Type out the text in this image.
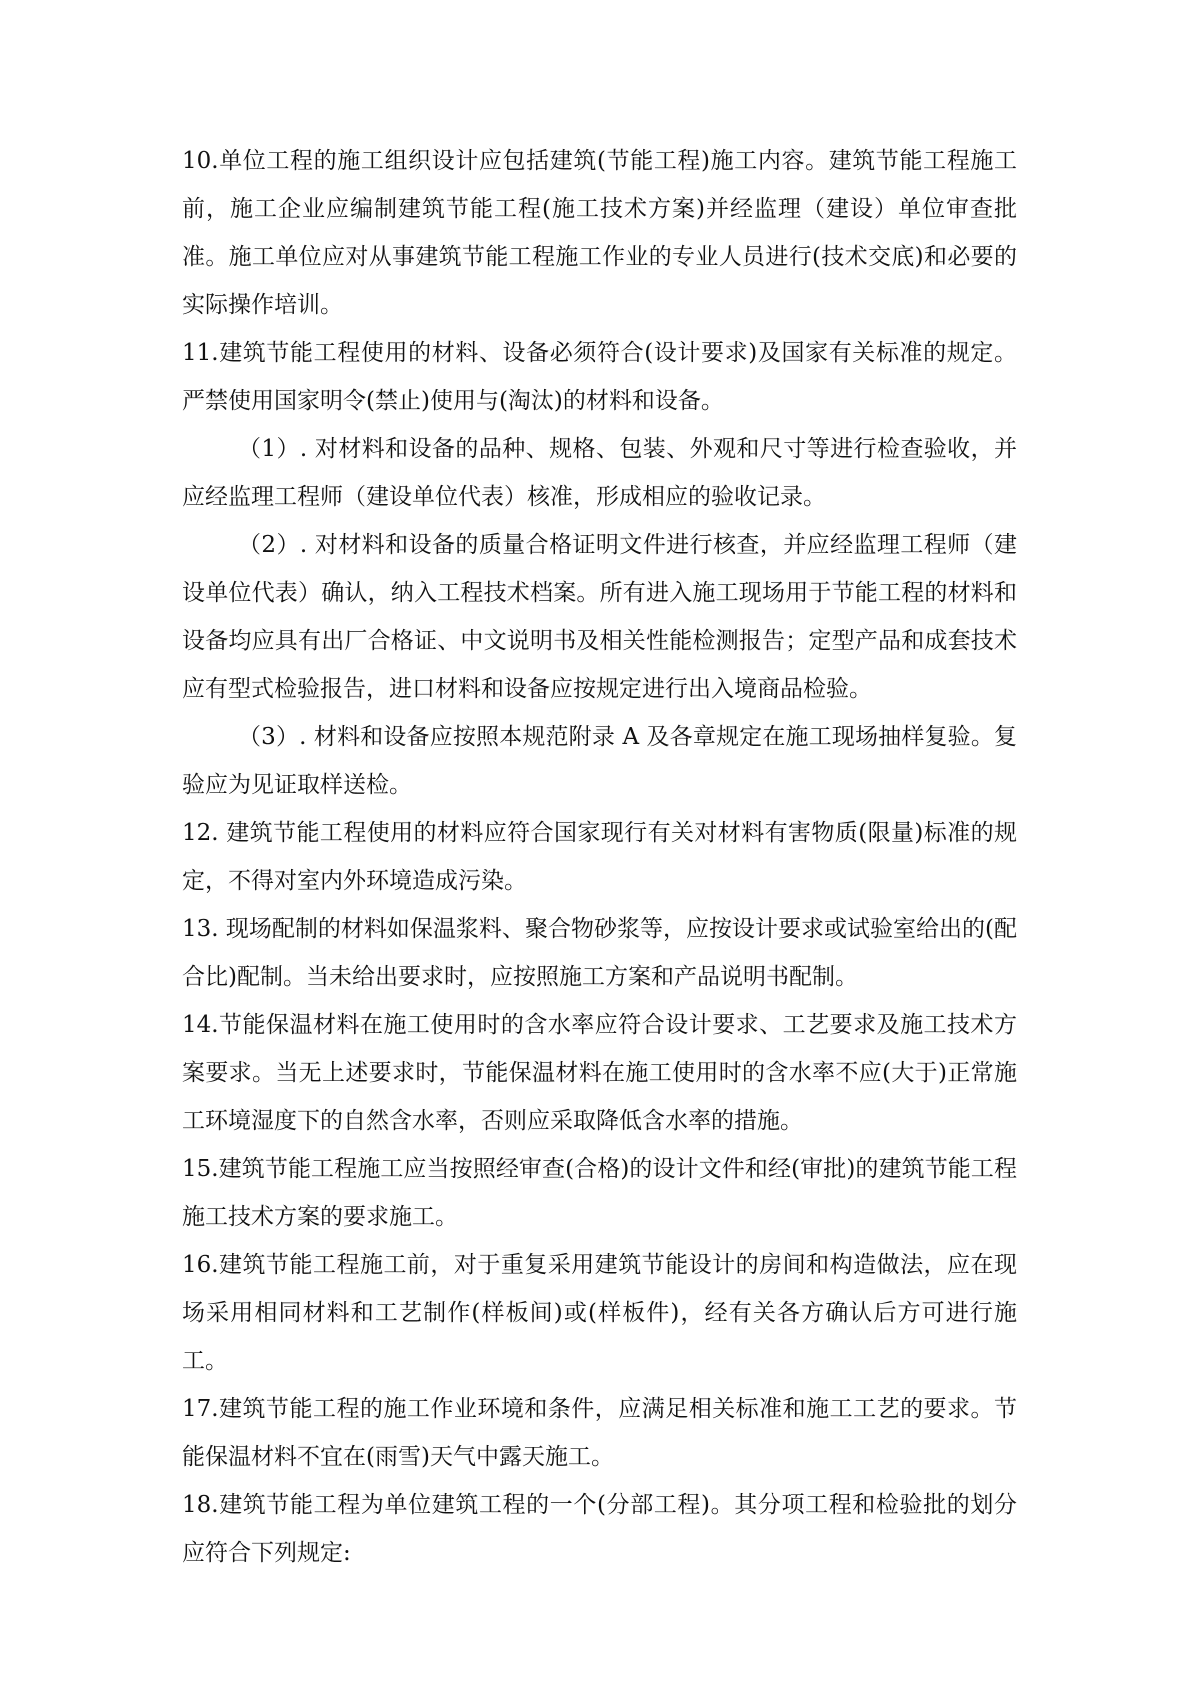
10.单位工程的施工组织设计应包括建筑(节能工程)施工内容。建筑节能工程施工前，施工企业应编制建筑节能工程(施工技术方案)并经监理（建设）单位审查批准。施工单位应对从事建筑节能工程施工作业的专业人员进行(技术交底)和必要的实际操作培训。

11.建筑节能工程使用的材料、设备必须符合(设计要求)及国家有关标准的规定。严禁使用国家明令(禁止)使用与(淘汰)的材料和设备。

（1）. 对材料和设备的品种、规格、包装、外观和尺寸等进行检查验收，并应经监理工程师（建设单位代表）核准，形成相应的验收记录。

（2）. 对材料和设备的质量合格证明文件进行核查，并应经监理工程师（建设单位代表）确认，纳入工程技术档案。所有进入施工现场用于节能工程的材料和设备均应具有出厂合格证、中文说明书及相关性能检测报告；定型产品和成套技术应有型式检验报告，进口材料和设备应按规定进行出入境商品检验。

（3）. 材料和设备应按照本规范附录 A 及各章规定在施工现场抽样复验。复验应为见证取样送检。

12. 建筑节能工程使用的材料应符合国家现行有关对材料有害物质(限量)标准的规定，不得对室内外环境造成污染。

13. 现场配制的材料如保温浆料、聚合物砂浆等，应按设计要求或试验室给出的(配合比)配制。当未给出要求时，应按照施工方案和产品说明书配制。

14.节能保温材料在施工使用时的含水率应符合设计要求、工艺要求及施工技术方案要求。当无上述要求时，节能保温材料在施工使用时的含水率不应(大于)正常施工环境湿度下的自然含水率，否则应采取降低含水率的措施。

15.建筑节能工程施工应当按照经审查(合格)的设计文件和经(审批)的建筑节能工程施工技术方案的要求施工。

16.建筑节能工程施工前，对于重复采用建筑节能设计的房间和构造做法，应在现场采用相同材料和工艺制作(样板间)或(样板件)，经有关各方确认后方可进行施工。

17.建筑节能工程的施工作业环境和条件，应满足相关标准和施工工艺的要求。节能保温材料不宜在(雨雪)天气中露天施工。

18.建筑节能工程为单位建筑工程的一个(分部工程)。其分项工程和检验批的划分应符合下列规定:
